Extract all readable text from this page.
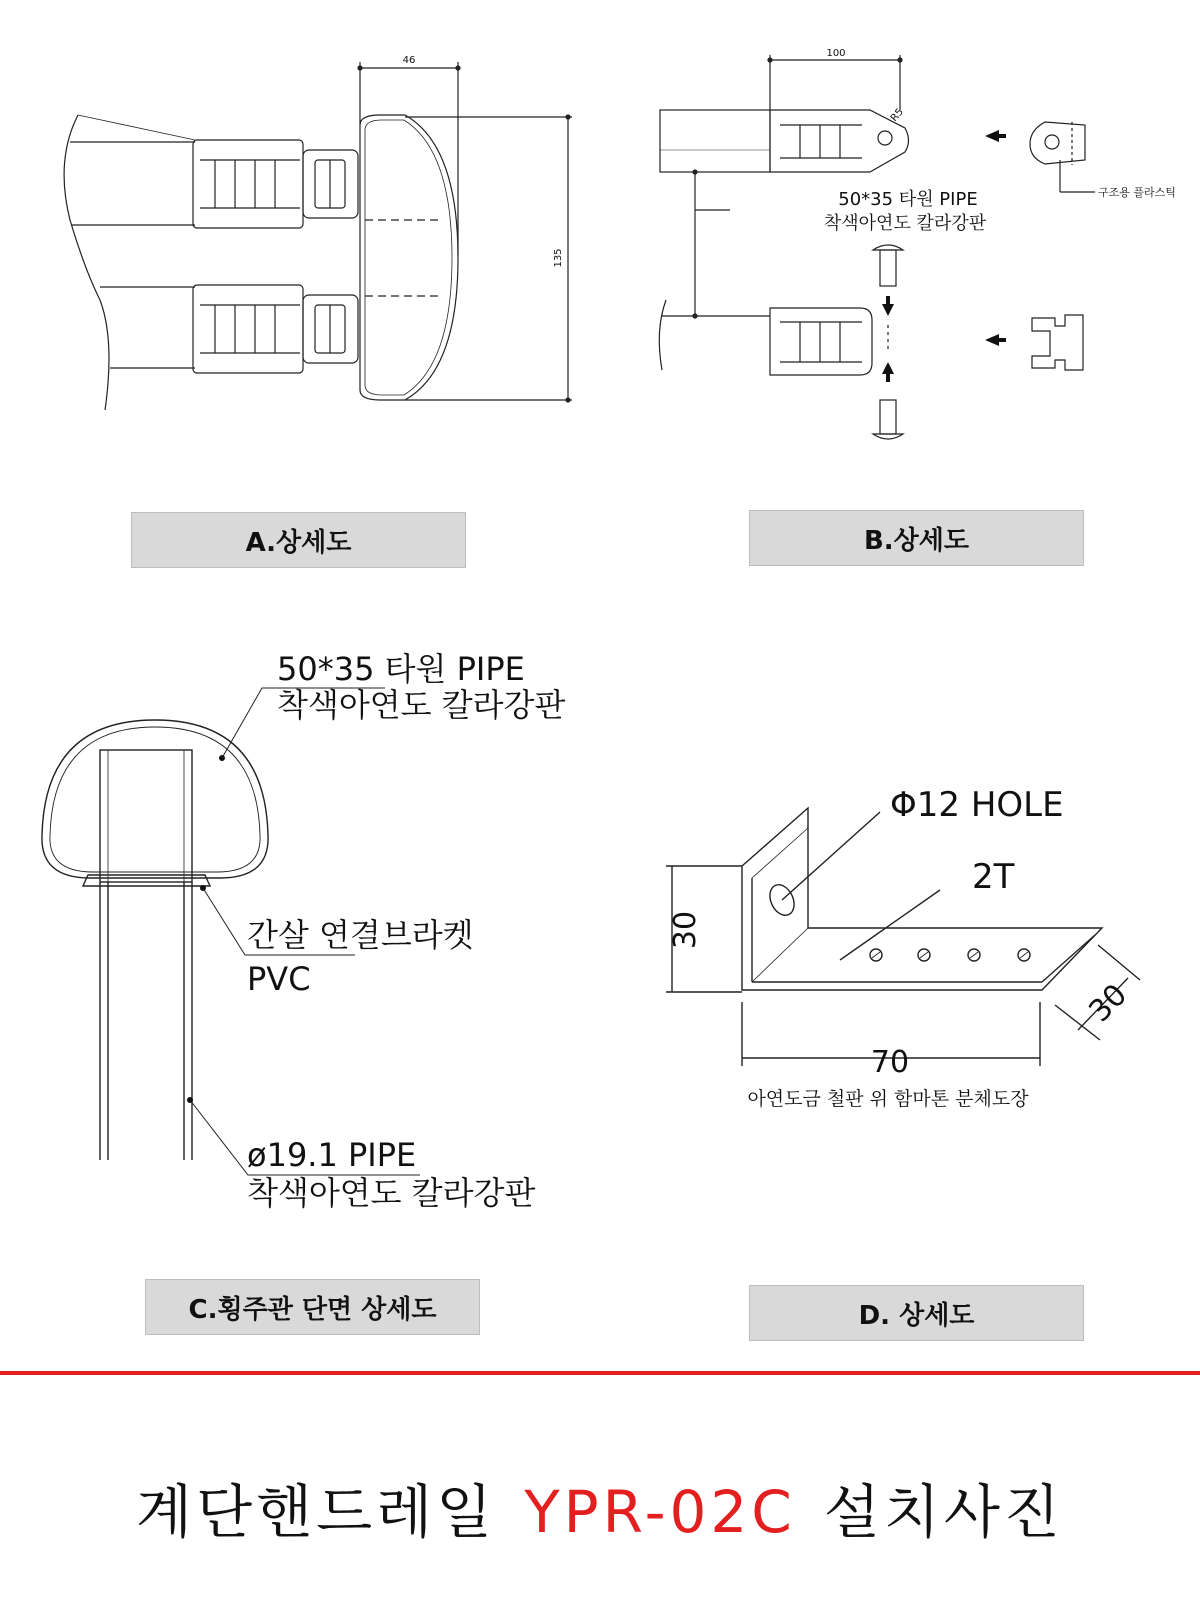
46
135
100
R5
50*35 타원 PIPE
착색아연도 칼라강판
구조용 플라스틱
50*35 타원 PIPE
착색아연도 칼라강판
간살 연결브라켓
PVC
ø19.1 PIPE
착색아연도 칼라강판
Φ12 HOLE
2T
30
70
30
아연도금 철판 위 함마톤 분체도장
A.상세도	B.상세도
C.횡주관 단면 상세도	D. 상세도
계단핸드레일 YPR-02C 설치사진
